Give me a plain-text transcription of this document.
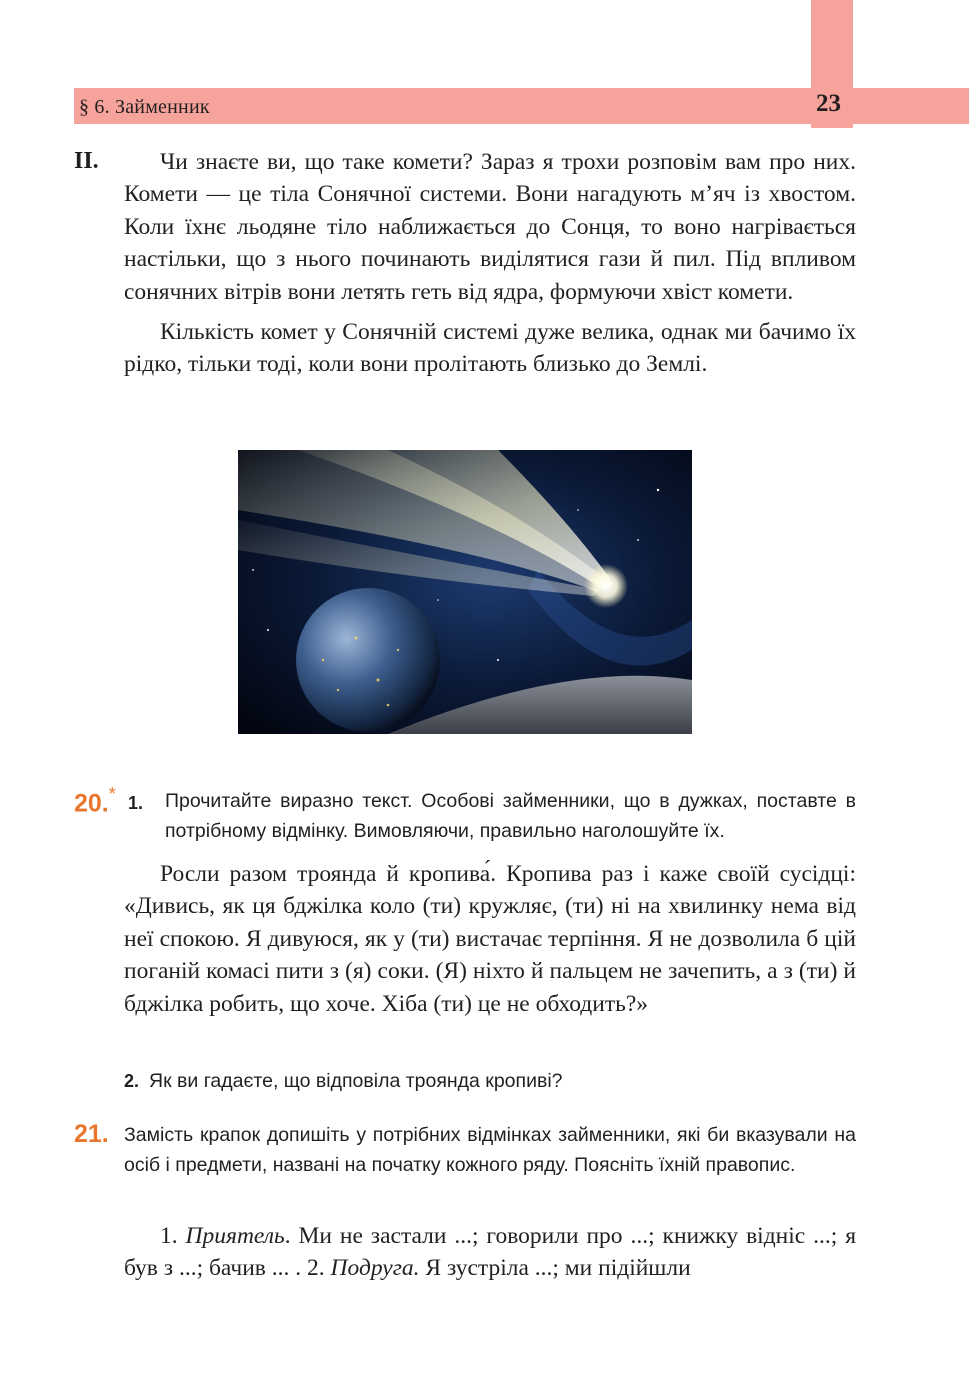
§ 6. Займенник	23
II.	Чи знаєте ви, що таке комети? Зараз я трохи розповім вам про них. Комети — це тіла Сонячної системи. Вони нагадують м’яч із хвостом. Коли їхнє льодяне тіло наближається до Сонця, то воно нагрівається настільки, що з нього починають виділятися гази й пил. Під впливом сонячних вітрів вони летять геть від ядра, формуючи хвіст комети.

Кількість комет у Сонячній системі дуже велика, однак ми бачимо їх рідко, тільки тоді, коли вони пролітають близько до Землі.

20.* 1. Прочитайте виразно текст. Особові займенники, що в дужках, поставте в потрібному відмінку. Вимовляючи, правильно наголошуйте їх.

Росли разом троянда й кропива́. Кропива раз і каже своїй сусідці: «Дивись, як ця бджілка коло (ти) кружляє, (ти) ні на хвилинку нема від неї спокою. Я дивуюся, як у (ти) вистачає терпіння. Я не дозволила б цій поганій комасі пити з (я) соки. (Я) ніхто й пальцем не зачепить, а з (ти) й бджілка робить, що хоче. Хіба (ти) це не обходить?»

2. Як ви гадаєте, що відповіла троянда кропиві?
21. Замість крапок допишіть у потрібних відмінках займенники, які би вказували на осіб і предмети, названі на початку кожного ряду. Поясніть їхній правопис.

1. Приятель. Ми не застали ...; говорили про ...; книжку відніс ...; я був з ...; бачив ... . 2. Подруга. Я зустріла ...; ми підійшли
